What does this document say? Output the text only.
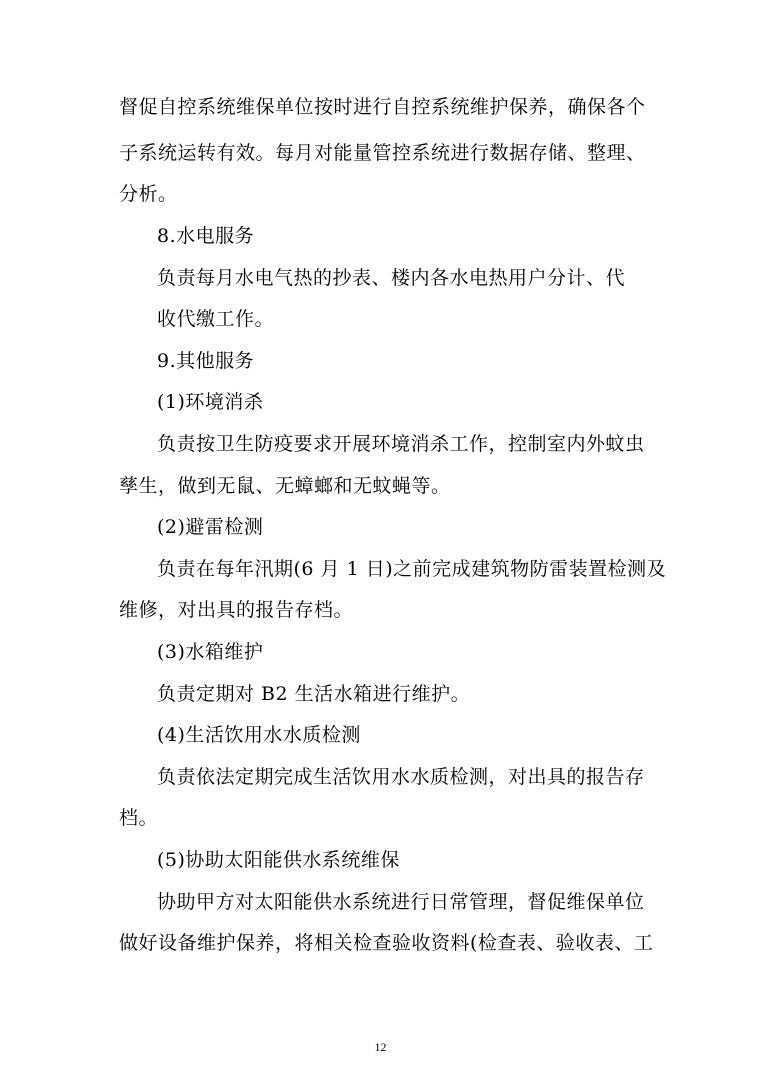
督促自控系统维保单位按时进行自控系统维护保养，确保各个
子系统运转有效。每月对能量管控系统进行数据存储、整理、
分析。
8.水电服务
负责每月水电气热的抄表、楼内各水电热用户分计、代
收代缴工作。
9.其他服务
(1)环境消杀
负责按卫生防疫要求开展环境消杀工作，控制室内外蚊虫
孳生，做到无鼠、无蟑螂和无蚊蝇等。
(2)避雷检测
负责在每年汛期(6 月 1 日)之前完成建筑物防雷装置检测及
维修，对出具的报告存档。
(3)水箱维护
负责定期对 B2 生活水箱进行维护。
(4)生活饮用水水质检测
负责依法定期完成生活饮用水水质检测，对出具的报告存
档。
(5)协助太阳能供水系统维保
协助甲方对太阳能供水系统进行日常管理，督促维保单位
做好设备维护保养，将相关检查验收资料(检查表、验收表、工
12
